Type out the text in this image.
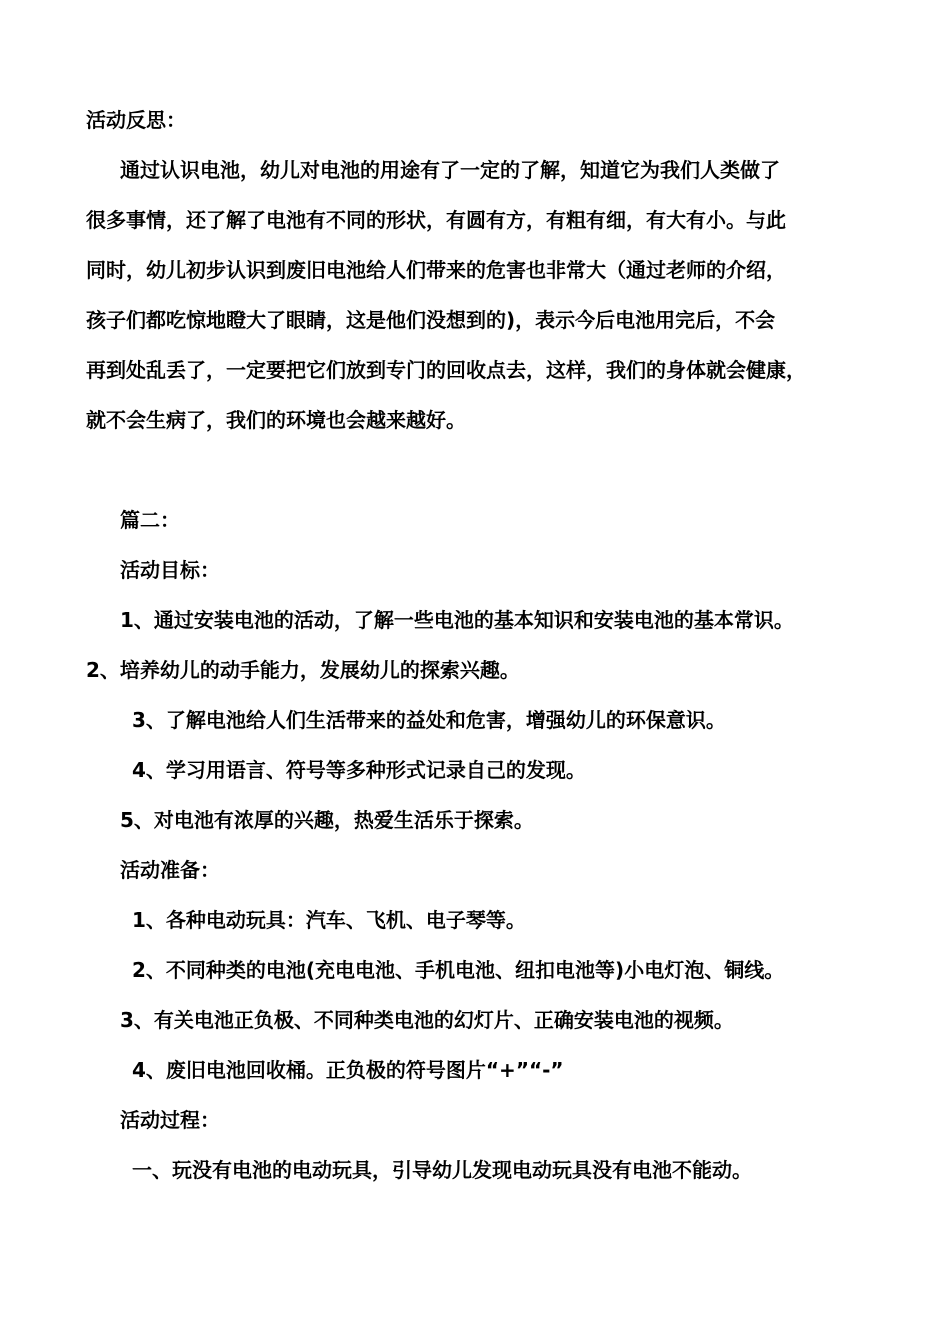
活动反思：
通过认识电池，幼儿对电池的用途有了一定的了解，知道它为我们人类做了
很多事情，还了解了电池有不同的形状，有圆有方，有粗有细，有大有小。与此
同时，幼儿初步认识到废旧电池给人们带来的危害也非常大（通过老师的介绍，
孩子们都吃惊地瞪大了眼睛，这是他们没想到的)，表示今后电池用完后，不会
再到处乱丢了，一定要把它们放到专门的回收点去，这样，我们的身体就会健康，
就不会生病了，我们的环境也会越来越好。
篇二：
活动目标：
1、通过安装电池的活动，了解一些电池的基本知识和安装电池的基本常识。
2、培养幼儿的动手能力，发展幼儿的探索兴趣。
3、了解电池给人们生活带来的益处和危害，增强幼儿的环保意识。
4、学习用语言、符号等多种形式记录自己的发现。
5、对电池有浓厚的兴趣，热爱生活乐于探索。
活动准备：
1、各种电动玩具：汽车、飞机、电子琴等。
2、不同种类的电池(充电电池、手机电池、纽扣电池等)小电灯泡、铜线。
3、有关电池正负极、不同种类电池的幻灯片、正确安装电池的视频。
4、废旧电池回收桶。正负极的符号图片“+”“-”
活动过程：
一、玩没有电池的电动玩具，引导幼儿发现电动玩具没有电池不能动。
